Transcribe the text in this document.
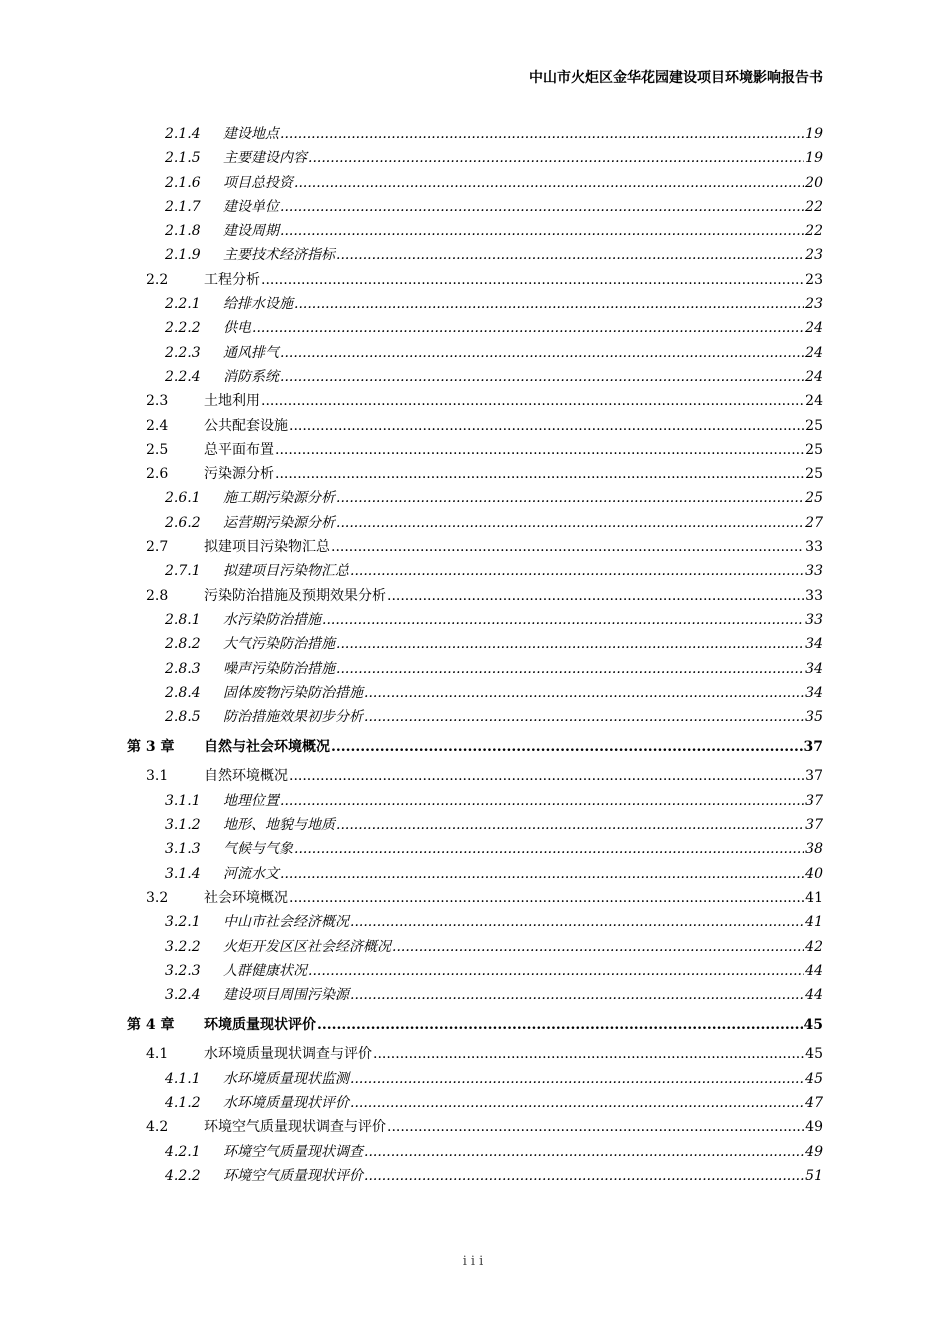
中山市火炬区金华花园建设项目环境影响报告书
2.1.4	建设地点 .....	19
2.1.5	主要建设内容 .....	19
2.1.6	项目总投资 .....	20
2.1.7	建设单位 .....	22
2.1.8	建设周期 .....	22
2.1.9	主要技术经济指标 .....	23
2.2	工程分析 .....	23
2.2.1	给排水设施 .....	23
2.2.2	供电 .....	24
2.2.3	通风排气 .....	24
2.2.4	消防系统 .....	24
2.3	土地利用 .....	24
2.4	公共配套设施 .....	25
2.5	总平面布置 .....	25
2.6	污染源分析 .....	25
2.6.1	施工期污染源分析 .....	25
2.6.2	运营期污染源分析 .....	27
2.7	拟建项目污染物汇总 .....	33
2.7.1	拟建项目污染物汇总 .....	33
2.8	污染防治措施及预期效果分析 .....	33
2.8.1	水污染防治措施 .....	33
2.8.2	大气污染防治措施 .....	34
2.8.3	噪声污染防治措施 .....	34
2.8.4	固体废物污染防治措施 .....	34
2.8.5	防治措施效果初步分析 .....	35
第 3 章	自然与社会环境概况 .....	37
3.1	自然环境概况 .....	37
3.1.1	地理位置 .....	37
3.1.2	地形、地貌与地质 .....	37
3.1.3	气候与气象 .....	38
3.1.4	河流水文 .....	40
3.2	社会环境概况 .....	41
3.2.1	中山市社会经济概况 .....	41
3.2.2	火炬开发区区社会经济概况 .....	42
3.2.3	人群健康状况 .....	44
3.2.4	建设项目周围污染源 .....	44
第 4 章	环境质量现状评价 .....	45
4.1	水环境质量现状调查与评价 .....	45
4.1.1	水环境质量现状监测 .....	45
4.1.2	水环境质量现状评价 .....	47
4.2	环境空气质量现状调查与评价 .....	49
4.2.1	环境空气质量现状调查 .....	49
4.2.2	环境空气质量现状评价 .....	51
iii
